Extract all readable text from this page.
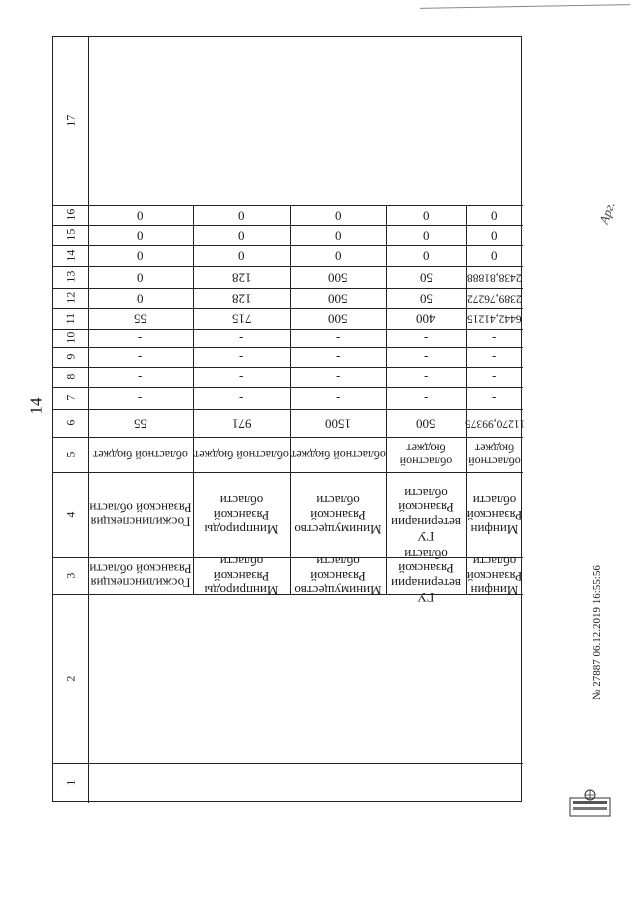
14
Арг.
№ 27887 06.12.2019 16:55:56
1
2
3
4
5
6
7
8
9
10
11
12
13
14
15
16
17
Госжилинспекция Рязанской области
Госжилинспекция Рязанской области
областной бюджет
55
-
-
-
-
55
0
0
0
0
0
Минприроды Рязанской области
Минприроды Рязанской области
областной бюджет
971
-
-
-
-
715
128
128
0
0
0
Минимущество Рязанской области
Минимущество Рязанской области
областной бюджет
1500
-
-
-
-
500
500
500
0
0
0
ГУ ветеринарии Рязанской области
ГУ ветеринарии Рязанской области
областной бюджет
500
-
-
-
-
400
50
50
0
0
0
Минфин Рязанской области
Минфин Рязанской области
областной бюджет
11270,99375
-
-
-
-
6442,41215
2389,76272
2438,81888
0
0
0
